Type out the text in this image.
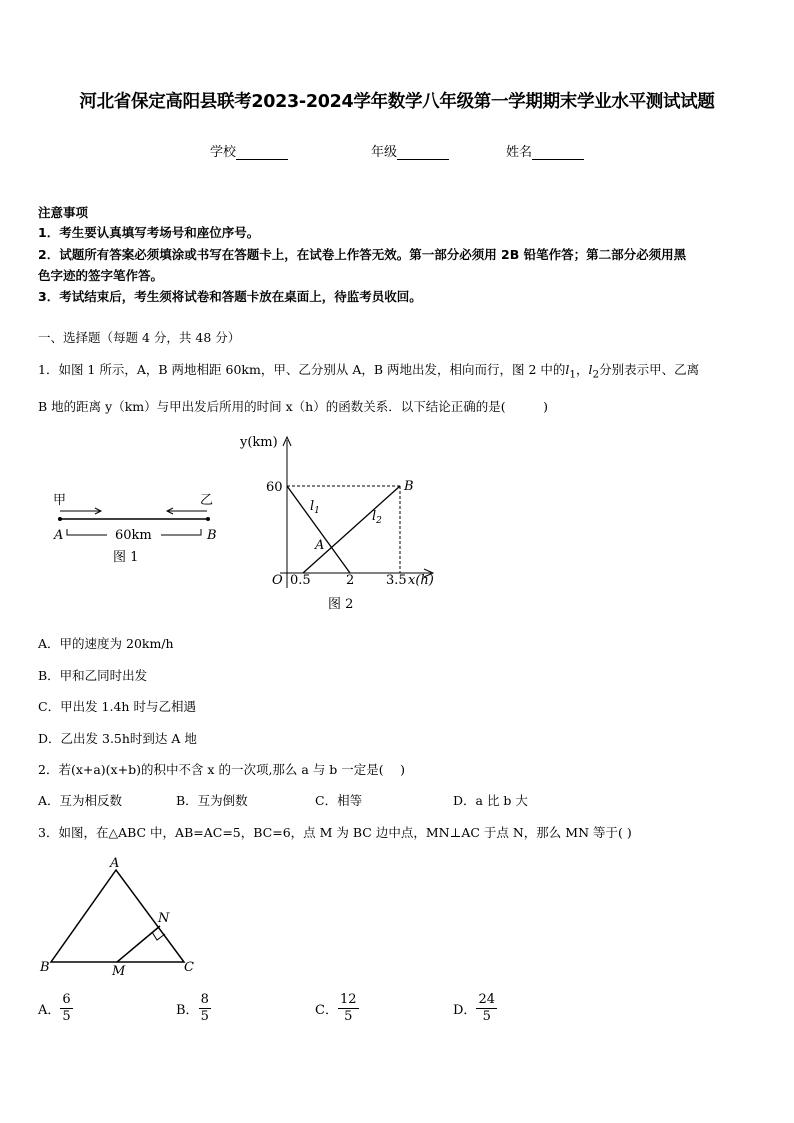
河北省保定高阳县联考2023-2024学年数学八年级第一学期期末学业水平测试试题
学校	年级	姓名
注意事项
1．考生要认真填写考场号和座位序号。
2．试题所有答案必须填涂或书写在答题卡上，在试卷上作答无效。第一部分必须用 2B 铅笔作答；第二部分必须用黑
色字迹的签字笔作答。
3．考试结束后，考生须将试卷和答题卡放在桌面上，待监考员收回。
一、选择题（每题 4 分，共 48 分）
1．如图 1 所示，A，B 两地相距 60km，甲、乙分别从 A，B 两地出发，相向而行，图 2 中的$l_1$，$l_2$分别表示甲、乙离
B 地的距离 y（km）与甲出发后所用的时间 x（h）的函数关系．以下结论正确的是(　　　)
甲	乙
A	B
60km
图 1
y(km)
60
O 0.5	2 3.5 x(h)
$l_1$	$l_2$
A
B
图 2
A．甲的速度为 20km/h
B．甲和乙同时出发
C．甲出发 1.4h 时与乙相遇
D．乙出发 3.5h时到达 A 地
2．若(x+a)(x+b)的积中不含 x 的一次项,那么 a 与 b 一定是(　 )
A．互为相反数	B．互为倒数	C．相等	D．a 比 b 大
3．如图，在△ABC 中，AB=AC=5，BC=6，点 M 为 BC 边中点，MN⊥AC 于点 N，那么 MN 等于( )
A
B	C
M
N
A． $\frac{6}{5}$	B． $\frac{8}{5}$	C． $\frac{12}{5}$	D． $\frac{24}{5}$
